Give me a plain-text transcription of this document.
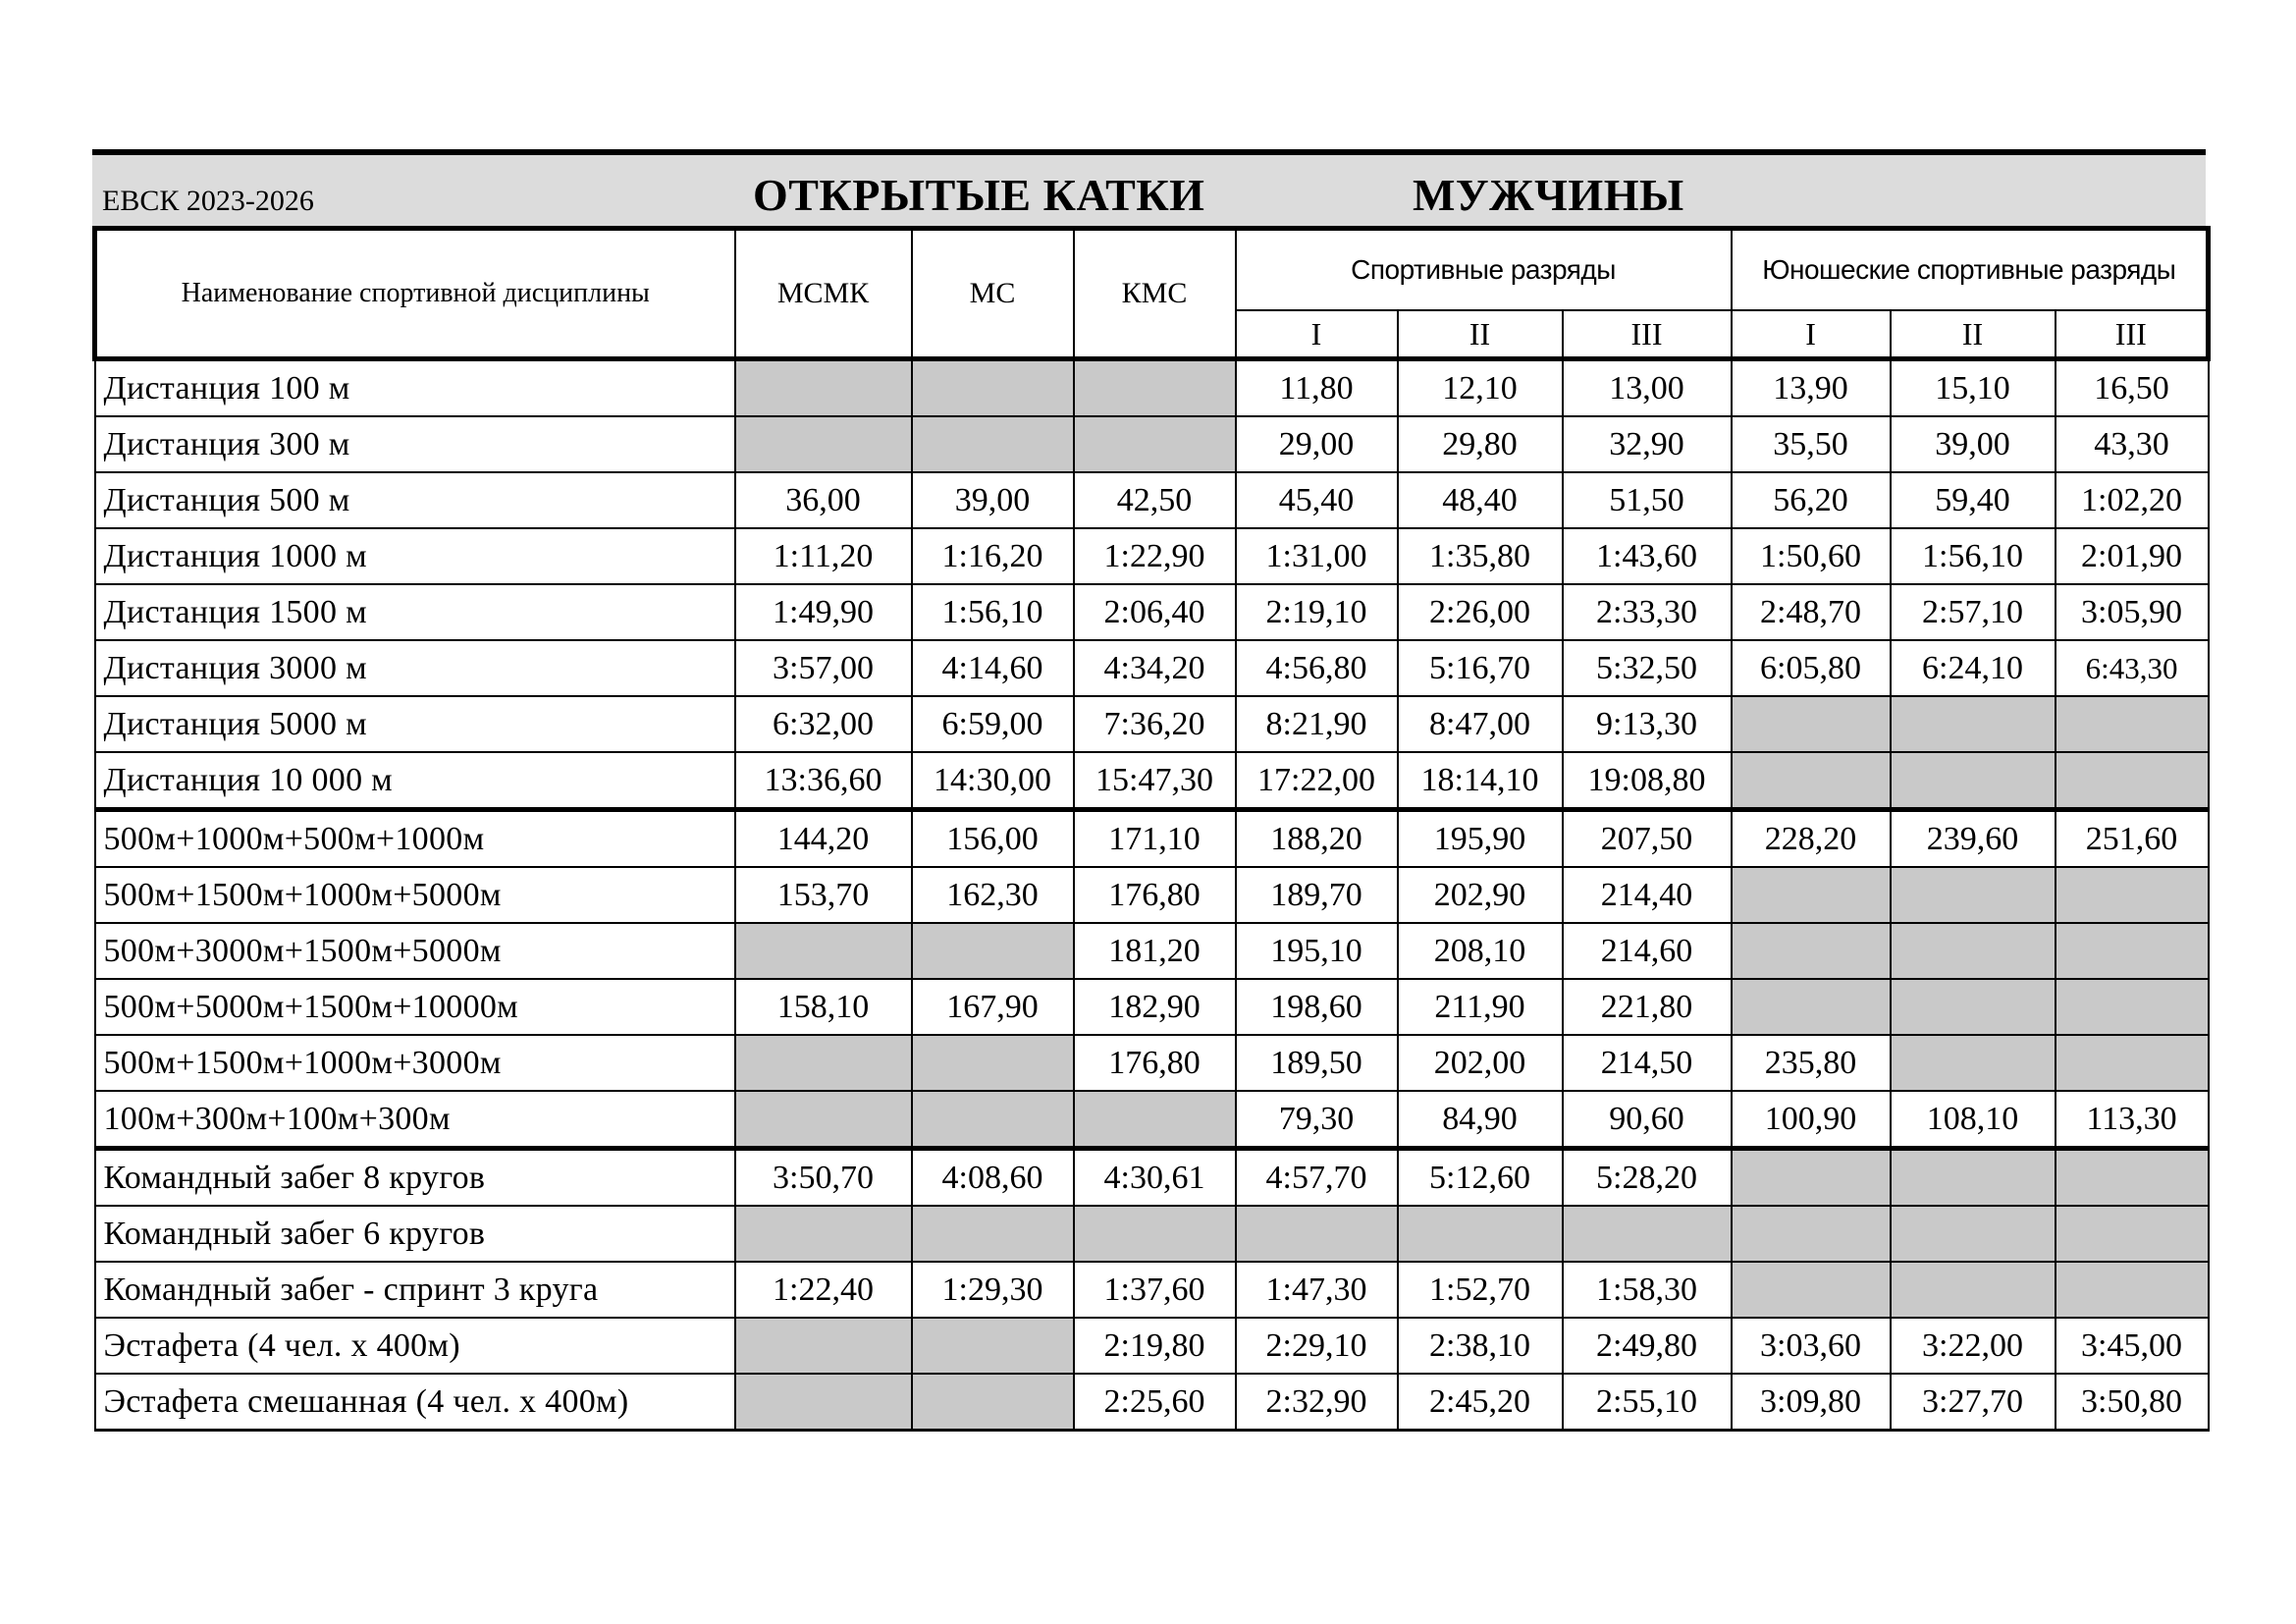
ЕВСК 2023-2026	ОТКРЫТЫЕ КАТКИ	МУЖЧИНЫ
Наименование спортивной дисциплины	МСМК	МС	КМС	Спортивные разряды			Юношеские спортивные разряды		
				I	II	III	I	II	III
Дистанция 100 м				11,80	12,10	13,00	13,90	15,10	16,50
Дистанция 300 м				29,00	29,80	32,90	35,50	39,00	43,30
Дистанция 500 м	36,00	39,00	42,50	45,40	48,40	51,50	56,20	59,40	1:02,20
Дистанция 1000 м	1:11,20	1:16,20	1:22,90	1:31,00	1:35,80	1:43,60	1:50,60	1:56,10	2:01,90
Дистанция 1500 м	1:49,90	1:56,10	2:06,40	2:19,10	2:26,00	2:33,30	2:48,70	2:57,10	3:05,90
Дистанция 3000 м	3:57,00	4:14,60	4:34,20	4:56,80	5:16,70	5:32,50	6:05,80	6:24,10	6:43,30
Дистанция 5000 м	6:32,00	6:59,00	7:36,20	8:21,90	8:47,00	9:13,30			
Дистанция 10 000 м	13:36,60	14:30,00	15:47,30	17:22,00	18:14,10	19:08,80			
500м+1000м+500м+1000м	144,20	156,00	171,10	188,20	195,90	207,50	228,20	239,60	251,60
500м+1500м+1000м+5000м	153,70	162,30	176,80	189,70	202,90	214,40			
500м+3000м+1500м+5000м			181,20	195,10	208,10	214,60			
500м+5000м+1500м+10000м	158,10	167,90	182,90	198,60	211,90	221,80			
500м+1500м+1000м+3000м			176,80	189,50	202,00	214,50	235,80		
100м+300м+100м+300м				79,30	84,90	90,60	100,90	108,10	113,30
Командный забег 8 кругов	3:50,70	4:08,60	4:30,61	4:57,70	5:12,60	5:28,20			
Командный забег 6 кругов									
Командный забег - спринт 3 круга	1:22,40	1:29,30	1:37,60	1:47,30	1:52,70	1:58,30			
Эстафета (4 чел. х 400м)			2:19,80	2:29,10	2:38,10	2:49,80	3:03,60	3:22,00	3:45,00
Эстафета смешанная (4 чел. х 400м)			2:25,60	2:32,90	2:45,20	2:55,10	3:09,80	3:27,70	3:50,80
